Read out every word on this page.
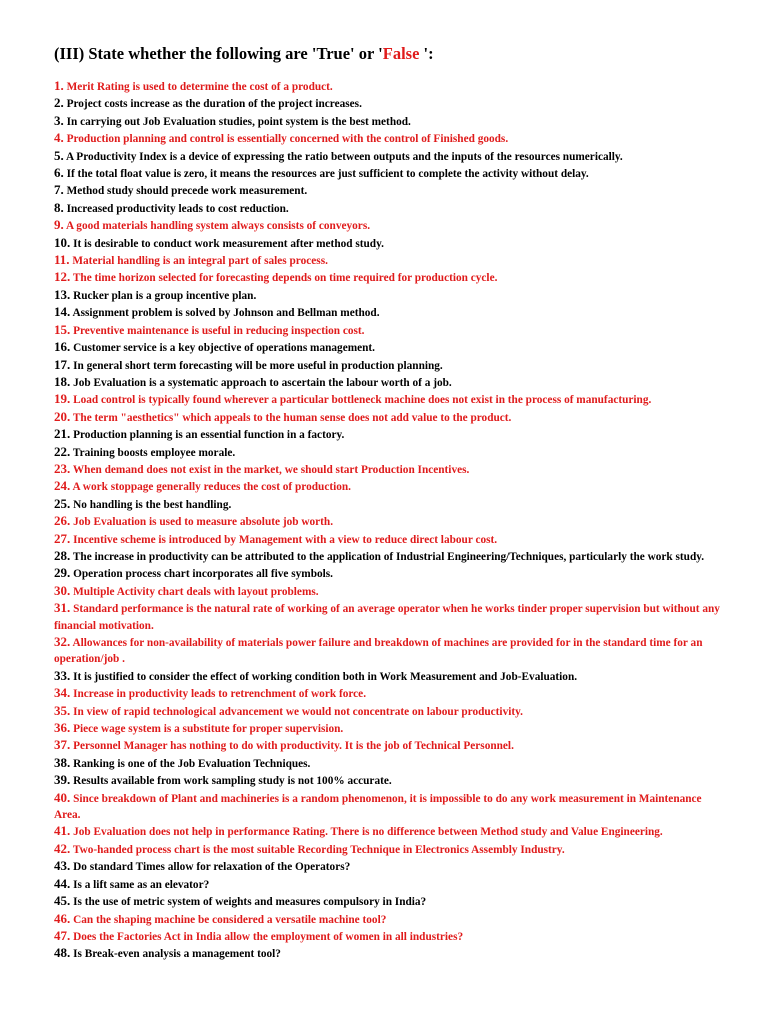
(III) State whether the following are 'True' or 'False ':
1. Merit Rating is used to determine the cost of a product.
2. Project costs increase as the duration of the project increases.
3. In carrying out Job Evaluation studies, point system is the best method.
4. Production planning and control is essentially concerned with the control of Finished goods.
5. A Productivity Index is a device of expressing the ratio between outputs and the inputs of the resources numerically.
6. If the total float value is zero, it means the resources are just sufficient to complete the activity without delay.
7. Method study should precede work measurement.
8. Increased productivity leads to cost reduction.
9. A good materials handling system always consists of conveyors.
10. It is desirable to conduct work measurement after method study.
11. Material handling is an integral part of sales process.
12. The time horizon selected for forecasting depends on time required for production cycle.
13. Rucker plan is a group incentive plan.
14. Assignment problem is solved by Johnson and Bellman method.
15. Preventive maintenance is useful in reducing inspection cost.
16. Customer service is a key objective of operations management.
17. In general short term forecasting will be more useful in production planning.
18. Job Evaluation is a systematic approach to ascertain the labour worth of a job.
19. Load control is typically found wherever a particular bottleneck machine does not exist in the process of manufacturing.
20. The term "aesthetics" which appeals to the human sense does not add value to the product.
21. Production planning is an essential function in a factory.
22. Training boosts employee morale.
23. When demand does not exist in the market, we should start Production Incentives.
24. A work stoppage generally reduces the cost of production.
25. No handling is the best handling.
26. Job Evaluation is used to measure absolute job worth.
27. Incentive scheme is introduced by Management with a view to reduce direct labour cost.
28. The increase in productivity can be attributed to the application of Industrial Engineering/Techniques, particularly the work study.
29. Operation process chart incorporates all five symbols.
30. Multiple Activity chart deals with layout problems.
31. Standard performance is the natural rate of working of an average operator when he works tinder proper supervision but without any financial motivation.
32. Allowances for non-availability of materials power failure and breakdown of machines are provided for in the standard time for an operation/job .
33. It is justified to consider the effect of working condition both in Work Measurement and Job-Evaluation.
34. Increase in productivity leads to retrenchment of work force.
35. In view of rapid technological advancement we would not concentrate on labour productivity.
36. Piece wage system is a substitute for proper supervision.
37. Personnel Manager has nothing to do with productivity. It is the job of Technical Personnel.
38. Ranking is one of the Job Evaluation Techniques.
39. Results available from work sampling study is not 100% accurate.
40. Since breakdown of Plant and machineries is a random phenomenon, it is impossible to do any work measurement in Maintenance Area.
41. Job Evaluation does not help in performance Rating. There is no difference between Method study and Value Engineering.
42. Two-handed process chart is the most suitable Recording Technique in Electronics Assembly Industry.
43. Do standard Times allow for relaxation of the Operators?
44. Is a lift same as an elevator?
45. Is the use of metric system of weights and measures compulsory in India?
46. Can the shaping machine be considered a versatile machine tool?
47. Does the Factories Act in India allow the employment of women in all industries?
48. Is Break-even analysis a management tool?
